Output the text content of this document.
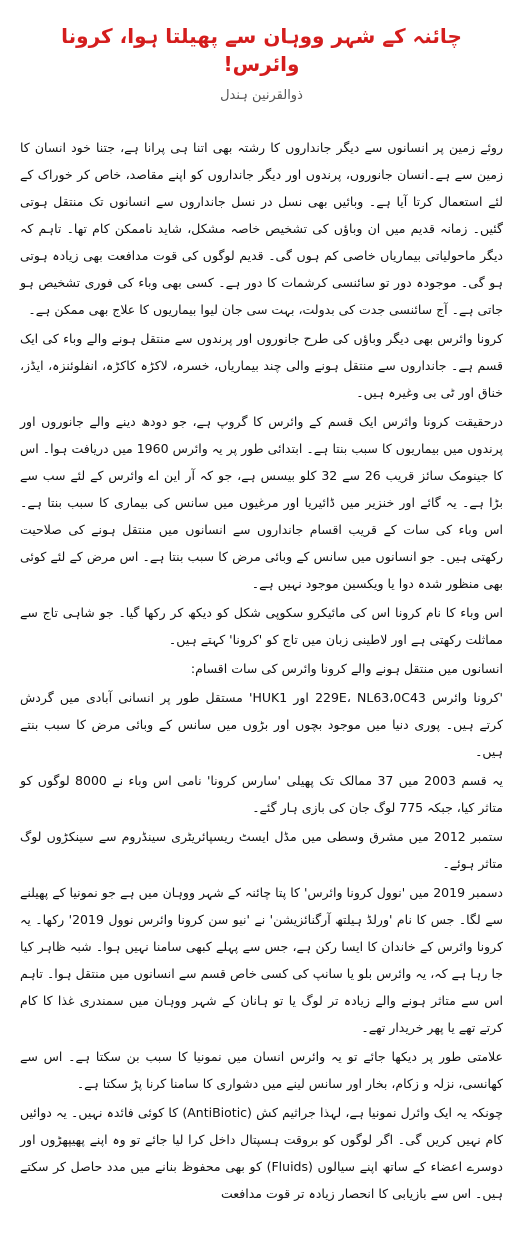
چائنہ کے شہر ووہان سے پھیلتا ہوا، کرونا وائرس!
ذوالقرنین ہندل

روئے زمین پر انسانوں سے دیگر جانداروں کا رشتہ بھی اتنا ہی پرانا ہے، جتنا خود انسان کا زمین سے ہے۔انسان جانوروں، پرندوں اور دیگر جانداروں کو اپنے مقاصد، خاص کر خوراک کے لئے استعمال کرتا آیا ہے۔ وبائیں بھی نسل در نسل جانداروں سے انسانوں تک منتقل ہوتی گئیں۔ زمانہ قدیم میں ان وباؤں کی تشخیص خاصہ مشکل، شاید ناممکن کام تھا۔ تاہم کہ دیگر ماحولیاتی بیماریاں خاصی کم ہوں گی۔ قدیم لوگوں کی قوت مدافعت بھی زیادہ ہوتی ہو گی۔ موجودہ دور تو سائنسی کرشمات کا دور ہے۔ کسی بھی وباء کی فوری تشخیص ہو جاتی ہے۔ آج سائنسی جدت کی بدولت، بہت سی جان لیوا بیماریوں کا علاج بھی ممکن ہے۔

کرونا وائرس بھی دیگر وباؤں کی طرح جانوروں اور پرندوں سے منتقل ہونے والے وباء کی ایک قسم ہے۔ جانداروں سے منتقل ہونے والی چند بیماریاں، خسرہ، لاکڑہ کاکڑہ، انفلوئنزہ، ایڈز، خناق اور ٹی بی وغیرہ ہیں۔

درحقیقت کرونا وائرس ایک قسم کے وائرس کا گروپ ہے، جو دودھ دینے والے جانوروں اور پرندوں میں بیماریوں کا سبب بنتا ہے۔ ابتدائی طور پر یہ وائرس 1960 میں دریافت ہوا۔ اس کا جینومک سائز قریب 26 سے 32 کلو بیسس ہے، جو کہ آر این اے وائرس کے لئے سب سے بڑا ہے۔ یہ گائے اور خنزیر میں ڈائیریا اور مرغیوں میں سانس کی بیماری کا سبب بنتا ہے۔ اس وباء کی سات کے قریب اقسام جانداروں سے انسانوں میں منتقل ہونے کی صلاحیت رکھتی ہیں۔ جو انسانوں میں سانس کے وبائی مرض کا سبب بنتا ہے۔ اس مرض کے لئے کوئی بھی منظور شدہ دوا یا ویکسین موجود نہیں ہے۔

اس وباء کا نام کرونا اس کی مائیکرو سکوپی شکل کو دیکھ کر رکھا گیا۔ جو شاہی تاج سے مماثلت رکھتی ہے اور لاطینی زبان میں تاج کو 'کرونا' کہتے ہیں۔

انسانوں میں منتقل ہونے والے کرونا وائرس کی سات اقسام:

'کرونا وائرس 229E، NL63،0C43 اور HUK1' مستقل طور پر انسانی آبادی میں گردش کرتے ہیں۔ پوری دنیا میں موجود بچوں اور بڑوں میں سانس کے وبائی مرض کا سبب بنتے ہیں۔

یہ قسم 2003 میں 37 ممالک تک پھیلی 'سارس کرونا' نامی اس وباء نے 8000 لوگوں کو متاثر کیا، جبکہ 775 لوگ جان کی بازی ہار گئے۔

ستمبر 2012 میں مشرق وسطی میں مڈل ایسٹ ریسپائریٹری سینڈروم سے سینکڑوں لوگ متاثر ہوئے۔

دسمبر 2019 میں 'نوول کرونا وائرس' کا پتا چائنہ کے شہر ووہان میں ہے جو نمونیا کے پھیلنے سے لگا۔ جس کا نام 'ورلڈ ہیلتھ آرگنائزیشن' نے 'نیو سن کرونا وائرس نوول 2019' رکھا۔ یہ کرونا وائرس کے خاندان کا ایسا رکن ہے، جس سے پہلے کبھی سامنا نہیں ہوا۔ شبہ ظاہر کیا جا رہا ہے کہ، یہ وائرس بلو یا سانپ کی کسی خاص قسم سے انسانوں میں منتقل ہوا۔ تاہم اس سے متاثر ہونے والے زیادہ تر لوگ یا تو ہانان کے شہر ووہان میں سمندری غذا کا کام کرتے تھے یا پھر خریدار تھے۔

علامتی طور پر دیکھا جائے تو یہ وائرس انسان میں نمونیا کا سبب بن سکتا ہے۔ اس سے کھانسی، نزلہ و زکام، بخار اور سانس لینے میں دشواری کا سامنا کرنا پڑ سکتا ہے۔

چونکہ یہ ایک وائرل نمونیا ہے، لہذا جراثیم کش (AntiBiotic) کا کوئی فائدہ نہیں۔ یہ دوائیں کام نہیں کریں گی۔ اگر لوگوں کو بروقت ہسپتال داخل کرا لیا جائے تو وہ اپنے پھیپھڑوں اور دوسرے اعضاء کے ساتھ اپنے سیالوں (Fluids) کو بھی محفوظ بنانے میں مدد حاصل کر سکتے ہیں۔ اس سے بازیابی کا انحصار زیادہ تر قوت مدافعت
